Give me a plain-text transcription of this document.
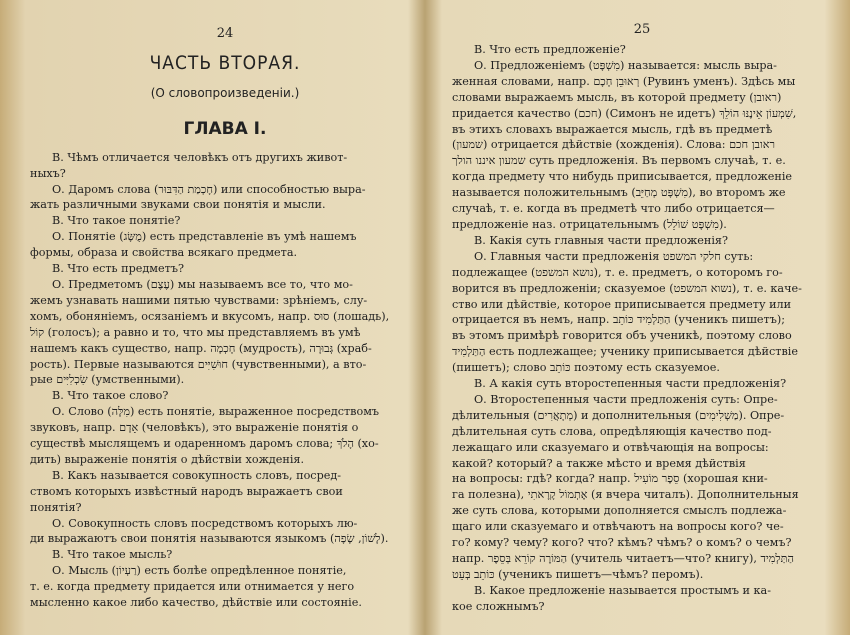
24
ЧАСТЬ ВТОРАЯ.
(О словопроизведеніи.)
ГЛАВА I.

В. Чѣмъ отличается человѣкъ отъ другихъ живот-

ныхъ?

О. Даромъ слова (חָכְמַת הַדִּבּוּר) или способностью выра-

жать различными звуками свои понятія и мысли.

В. Что такое понятіе?

О. Понятіе (מֻשָּׂג) есть представленіе въ умѣ нашемъ

формы, образа и свойства всякаго предмета.

В. Что есть предметъ?

О. Предметомъ (עֶצֶם) мы называемъ все то, что мо-

жемъ узнавать нашими пятью чувствами: зрѣніемъ, слу-

хомъ, обоняніемъ, осязаніемъ и вкусомъ, напр. סוּס (лошадь),

קוֹל (голосъ); а равно и то, что мы представляемъ въ умѣ

нашемъ какъ существо, напр. חָכְמָה (мудрость), גְּבוּרָה (храб-

рость). Первые называются חוּשִׁיִּים (чувственными), а вто-

рые שִׂכְלִיִּים (умственными).

В. Что такое слово?

О. Слово (מִלָּה) есть понятіе, выраженное посредствомъ

звуковъ, напр. אָדָם (человѣкъ), это выраженіе понятія о

существѣ мыслящемъ и одаренномъ даромъ слова; הָלֹךְ (хо-

дить) выраженіе понятія о дѣйствіи хожденія.

В. Какъ называется совокупность словъ, посред-

ствомъ которыхъ извѣстный народъ выражаетъ свои

понятія?

О. Совокупность словъ посредствомъ которыхъ лю-

ди выражаютъ свои понятія называются языкомъ (לָשׁוֹן, שָׂפָה).

В. Что такое мысль?

О. Мысль (רַעְיוֹן) есть болѣе опредѣленное понятіе,

т. е. когда предмету придается или отнимается у него

мысленно какое либо качество, дѣйствіе или состояніе.

25

В. Что есть предложеніе?

О. Предложеніемъ (מִשְׁפָּט) называется: мысль выра-

женная словами, напр. רְאוּבֵן חָכָם (Рувинъ уменъ). Здѣсь мы

словами выражаемъ мысль, въ которой предмету (ראובן)

придается качество (חכם) (Симонъ не идетъ) שִׁמְעוֹן אֵינֶנּוּ הוֹלֵךְ,

въ этихъ словахъ выражается мысль, гдѣ въ предметѣ

(שמעון) отрицается дѣйствіе (хожденія). Слова: ראובן חכם

שמעון איננו הולך суть предложенія. Въ первомъ случаѣ, т. е.

когда предмету что нибудь приписывается, предложеніе

называется положительнымъ (מִשְׁפָּט מְחַיֵּב), во второмъ же

случаѣ, т. е. когда въ предметѣ что либо отрицается—

предложеніе наз. отрицательнымъ (מִשְׁפָּט שׁוֹלֵל).

В. Какія суть главныя части предложенія?

О. Главныя части предложенія חלקי המשפט суть:

подлежащее (נושא המשפט), т. е. предметъ, о которомъ го-

ворится въ предложеніи; сказуемое (נשוא המשפט), т. е. каче-

ство или дѣйствіе, которое приписывается предмету или

отрицается въ немъ, напр. הַתַּלְמִיד כּוֹתֵב (ученикъ пишетъ);

въ этомъ примѣрѣ говорится объ ученикѣ, поэтому слово

הַתַּלְמִיד есть подлежащее; ученику приписывается дѣйствіе

(пишетъ); слово כּוֹתֵב поэтому есть сказуемое.

В. А какія суть второстепенныя части предложенія?

О. Второстепенныя части предложенія суть: Опре-

дѣлительныя (מְתָאֲרִים) и дополнительныя (מַשְׁלִימִים). Опре-

дѣлительная суть слова, опредѣляющія качество под-

лежащаго или сказуемаго и отвѣчающія на вопросы:

какой? который? а также мѣсто и время дѣйствія

на вопросы: гдѣ? когда? напр. סֵפֶר מוֹעִיל (хорошая кни-

га полезна), אֶתְמוֹל קָרָאתִי (я вчера читалъ). Дополнительныя

же суть слова, которыми дополняется смыслъ подлежа-

щаго или сказуемаго и отвѣчаютъ на вопросы кого? че-

го? кому? чему? кого? что? кѣмъ? чѣмъ? о комъ? о чемъ?

напр. הַמּוֹרֶה קוֹרֵא בְּסֵפֶר (учитель читаетъ—что? книгу), הַתַּלְמִיד

כּוֹתֵב בְּעֵט (ученикъ пишетъ—чѣмъ? перомъ).

В. Какое предложеніе называется простымъ и ка-

кое сложнымъ?
